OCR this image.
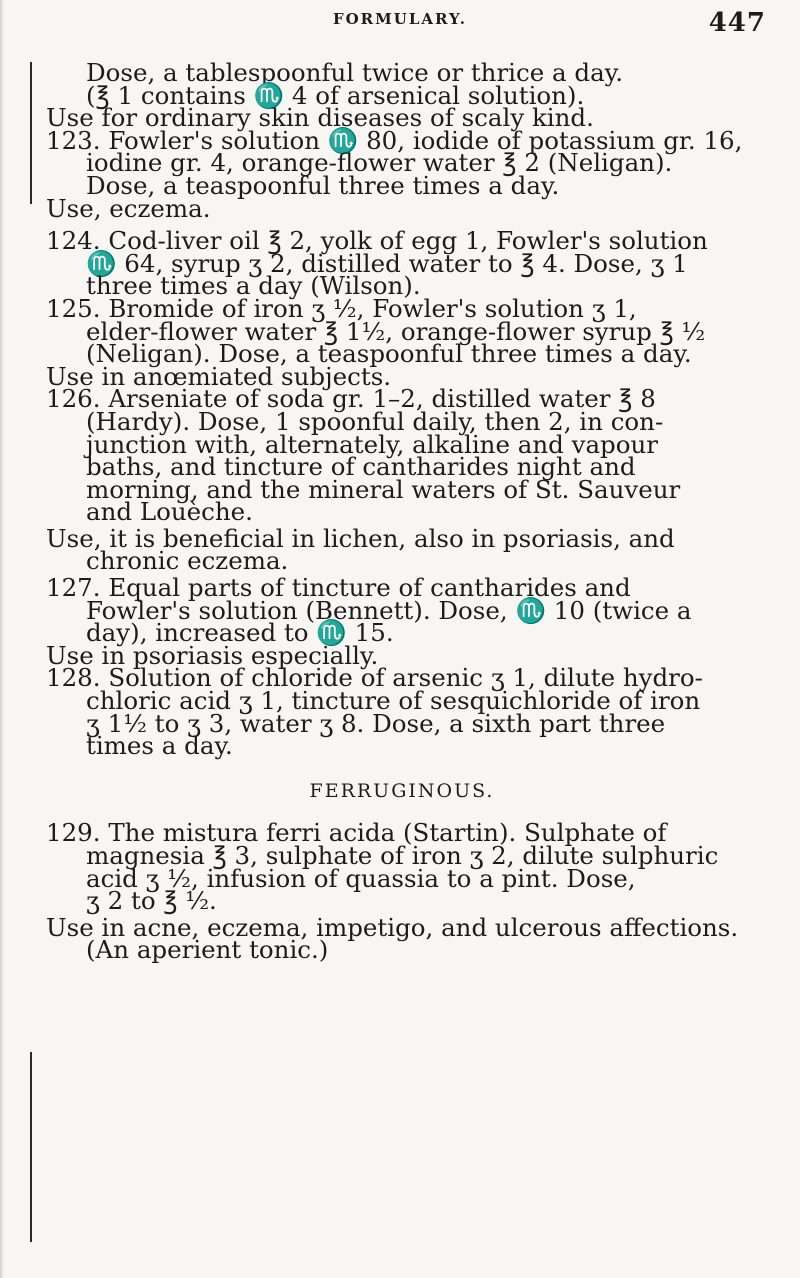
FORMULARY.	447
Dose, a tablespoonful twice or thrice a day.
(℥ 1 contains ♏ 4 of arsenical solution).
Use for ordinary skin diseases of scaly kind.
123. Fowler's solution ♏ 80, iodide of potassium gr. 16,
iodine gr. 4, orange-flower water ℥ 2 (Neligan).
Dose, a teaspoonful three times a day.
Use, eczema.
124. Cod-liver oil ℥ 2, yolk of egg 1, Fowler's solution
♏ 64, syrup ʒ 2, distilled water to ℥ 4. Dose, ʒ 1
three times a day (Wilson).
125. Bromide of iron ʒ ½, Fowler's solution ʒ 1,
elder-flower water ℥ 1½, orange-flower syrup ℥ ½
(Neligan). Dose, a teaspoonful three times a day.
Use in anœmiated subjects.
126. Arseniate of soda gr. 1–2, distilled water ℥ 8
(Hardy). Dose, 1 spoonful daily, then 2, in con-
junction with, alternately, alkaline and vapour
baths, and tincture of cantharides night and
morning, and the mineral waters of St. Sauveur
and Louèche.
Use, it is beneficial in lichen, also in psoriasis, and
chronic eczema.
127. Equal parts of tincture of cantharides and
Fowler's solution (Bennett). Dose, ♏ 10 (twice a
day), increased to ♏ 15.
Use in psoriasis especially.
128. Solution of chloride of arsenic ʒ 1, dilute hydro-
chloric acid ʒ 1, tincture of sesquichloride of iron
ʒ 1½ to ʒ 3, water ʒ 8. Dose, a sixth part three
times a day.
FERRUGINOUS.
129. The mistura ferri acida (Startin). Sulphate of
magnesia ℥ 3, sulphate of iron ʒ 2, dilute sulphuric
acid ʒ ½, infusion of quassia to a pint. Dose,
ʒ 2 to ℥ ½.
Use in acne, eczema, impetigo, and ulcerous affections.
(An aperient tonic.)
